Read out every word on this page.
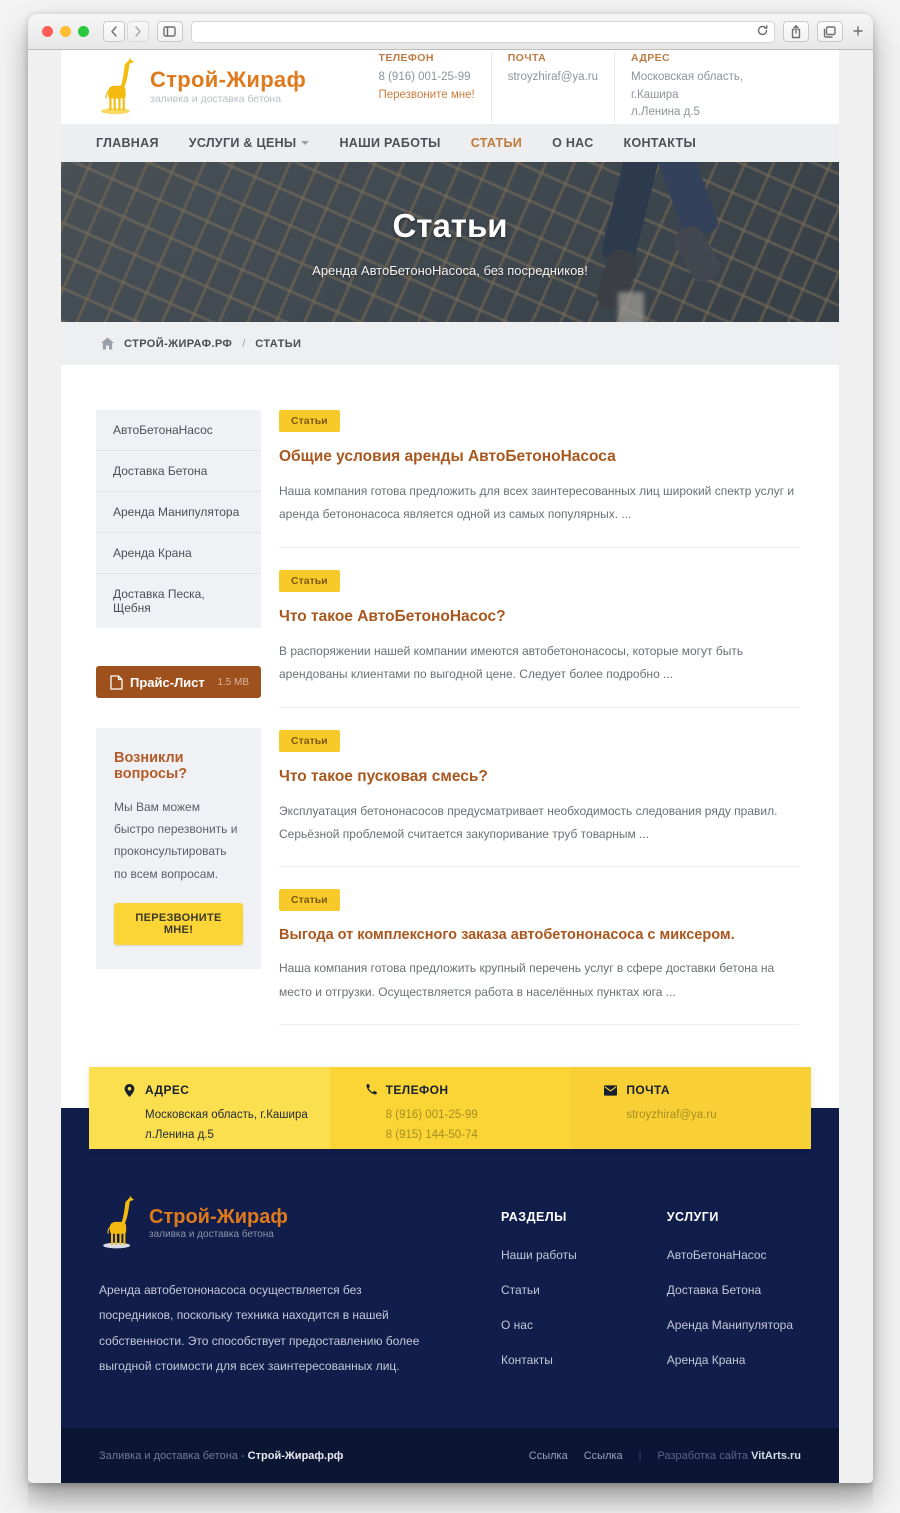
Строй-Жираф
заливка и доставка бетона
ТЕЛЕФОН
8 (916) 001-25-99
Перезвоните мне!
ПОЧТА
stroyzhiraf@ya.ru
АДРЕС
Московская область, г.Кашира
л.Ленина д.5
ГЛАВНАЯ УСЛУГИ & ЦЕНЫ	НАШИ РАБОТЫ СТАТЬИ О НАС КОНТАКТЫ
Статьи
Аренда АвтоБетоноНасоса, без посредников!
СТРОЙ-ЖИРАФ.РФ / СТАТЬИ
АвтоБетонаНасос
Доставка Бетона
Аренда Манипулятора
Аренда Крана
Доставка Песка, Щебня
Прайс-Лист 1.5 MB
Возникли вопросы?
Мы Вам можем быстро перезвонить и проконсультировать по всем вопросам.
ПЕРЕЗВОНИТЕ МНЕ!
Статьи
Общие условия аренды АвтоБетоноНасоса
Наша компания готова предложить для всех заинтересованных лиц широкий спектр услуг и аренда бетононасоса является одной из самых популярных. ...
Статьи
Что такое АвтоБетоноНасос?
В распоряжении нашей компании имеются автобетононасосы, которые могут быть арендованы клиентами по выгодной цене. Следует более подробно ...
Статьи
Что такое пусковая смесь?
Эксплуатация бетононасосов предусматривает необходимость следования ряду правил. Серьёзной проблемой считается закупоривание труб товарным ...
Статьи
Выгода от комплексного заказа автобетононасоса с миксером.
Наша компания готова предложить крупный перечень услуг в сфере доставки бетона на место и отгрузки. Осуществляется работа в населённых пунктах юга ...
АДРЕС
Московская область, г.Кашира
л.Ленина д.5
ТЕЛЕФОН
8 (916) 001-25-99
8 (915) 144-50-74
ПОЧТА
stroyzhiraf@ya.ru
Строй-Жираф
заливка и доставка бетона
Аренда автобетононасоса осуществляется без посредников, поскольку техника находится в нашей собственности. Это способствует предоставлению более выгодной стоимости для всех заинтересованных лиц.
РАЗДЕЛЫ
Наши работы
Статьи
О нас
Контакты
УСЛУГИ
АвтоБетонаНасос
Доставка Бетона
Аренда Манипулятора
Аренда Крана
Заливка и доставка бетона - Строй-Жираф.рф	Ссылка Ссылка | Разработка сайта VitArts.ru
